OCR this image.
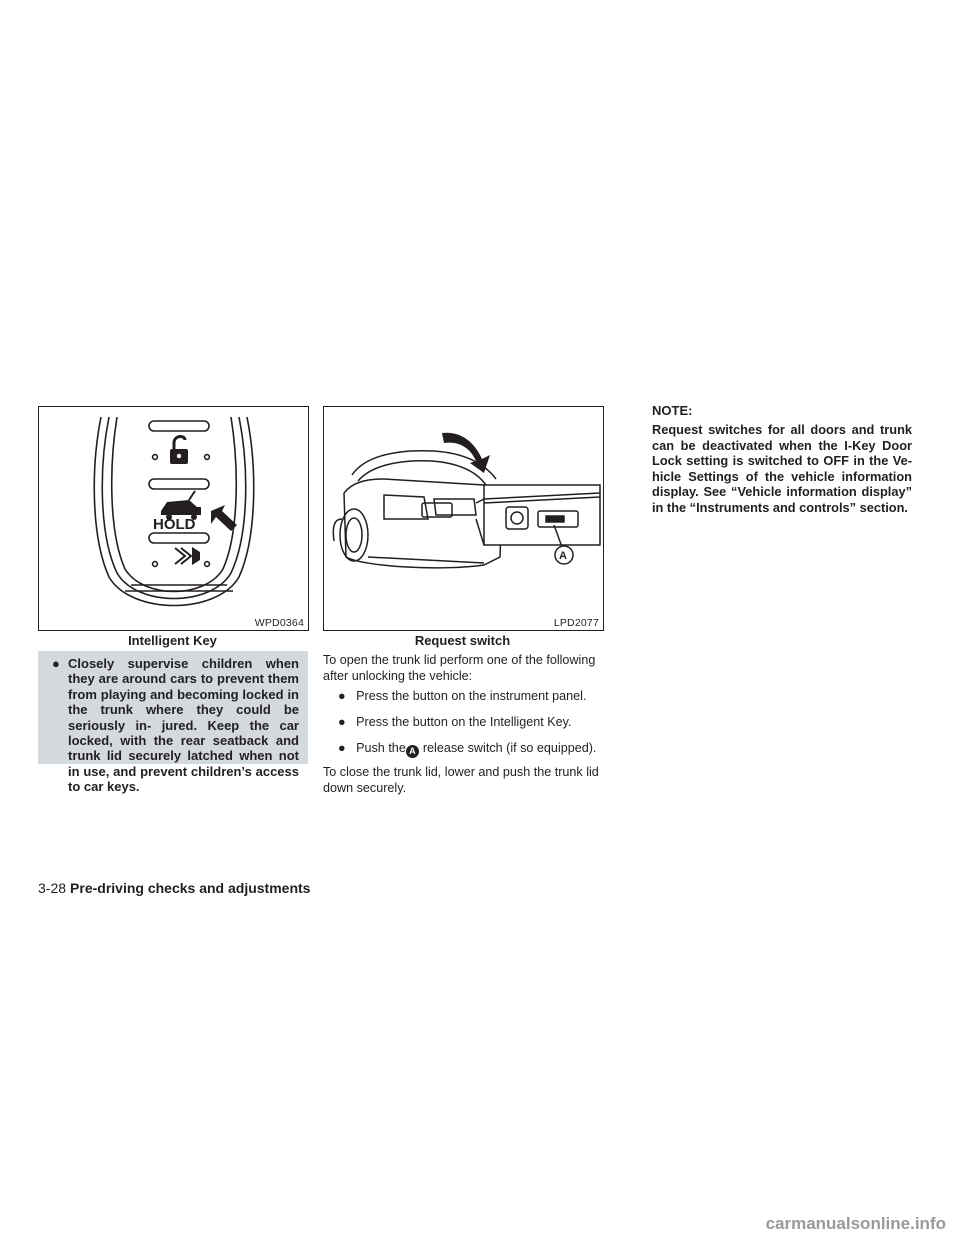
HOLD
WPD0364
Intelligent Key
● Closely supervise children when they are around cars to prevent them from playing and becoming locked in the trunk where they could be seriously in- jured. Keep the car locked, with the rear seatback and trunk lid securely latched when not in use, and prevent children’s access to car keys.
A
LPD2077
Request switch
To open the trunk lid perform one of the following after unlocking the vehicle:
● Press the button on the instrument panel.
● Press the button on the Intelligent Key.
● Push the A release switch (if so equipped).
To close the trunk lid, lower and push the trunk lid down securely.
NOTE:
Request switches for all doors and trunk can be deactivated when the I-Key Door Lock setting is switched to OFF in the Ve- hicle Settings of the vehicle information display. See “Vehicle information display” in the “Instruments and controls” section.
3-28 Pre-driving checks and adjustments
carmanualsonline.info
